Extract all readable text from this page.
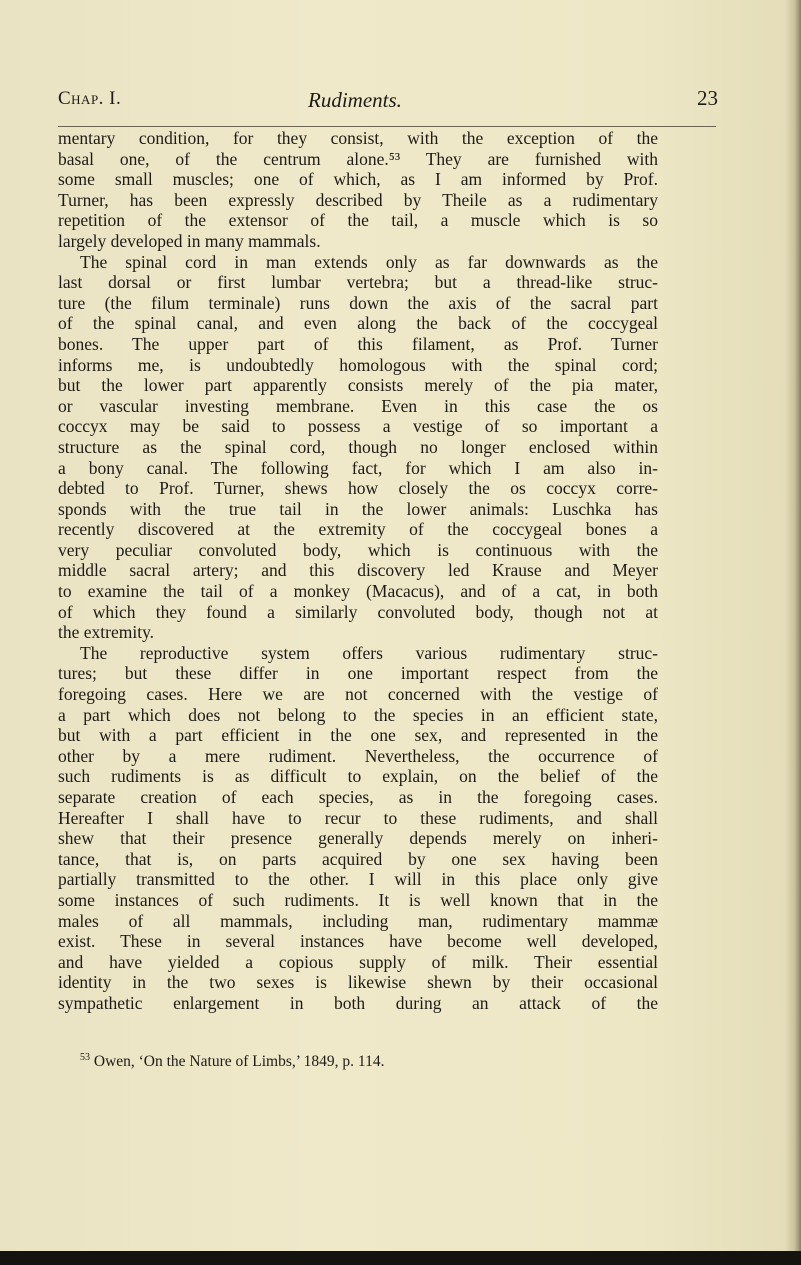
Chap. I.	Rudiments.	23
mentary condition, for they consist, with the exception of the
basal one, of the centrum alone.⁵³ They are furnished with
some small muscles; one of which, as I am informed by Prof.
Turner, has been expressly described by Theile as a rudimentary
repetition of the extensor of the tail, a muscle which is so
largely developed in many mammals.
The spinal cord in man extends only as far downwards as the
last dorsal or first lumbar vertebra; but a thread-like struc-
ture (the filum terminale) runs down the axis of the sacral part
of the spinal canal, and even along the back of the coccygeal
bones. The upper part of this filament, as Prof. Turner
informs me, is undoubtedly homologous with the spinal cord;
but the lower part apparently consists merely of the pia mater,
or vascular investing membrane. Even in this case the os
coccyx may be said to possess a vestige of so important a
structure as the spinal cord, though no longer enclosed within
a bony canal. The following fact, for which I am also in-
debted to Prof. Turner, shews how closely the os coccyx corre-
sponds with the true tail in the lower animals: Luschka has
recently discovered at the extremity of the coccygeal bones a
very peculiar convoluted body, which is continuous with the
middle sacral artery; and this discovery led Krause and Meyer
to examine the tail of a monkey (Macacus), and of a cat, in both
of which they found a similarly convoluted body, though not at
the extremity.
The reproductive system offers various rudimentary struc-
tures; but these differ in one important respect from the
foregoing cases. Here we are not concerned with the vestige of
a part which does not belong to the species in an efficient state,
but with a part efficient in the one sex, and represented in the
other by a mere rudiment. Nevertheless, the occurrence of
such rudiments is as difficult to explain, on the belief of the
separate creation of each species, as in the foregoing cases.
Hereafter I shall have to recur to these rudiments, and shall
shew that their presence generally depends merely on inheri-
tance, that is, on parts acquired by one sex having been
partially transmitted to the other. I will in this place only give
some instances of such rudiments. It is well known that in the
males of all mammals, including man, rudimentary mammæ
exist. These in several instances have become well developed,
and have yielded a copious supply of milk. Their essential
identity in the two sexes is likewise shewn by their occasional
sympathetic enlargement in both during an attack of the
$^{53}$ Owen, ‘On the Nature of Limbs,’ 1849, p. 114.
